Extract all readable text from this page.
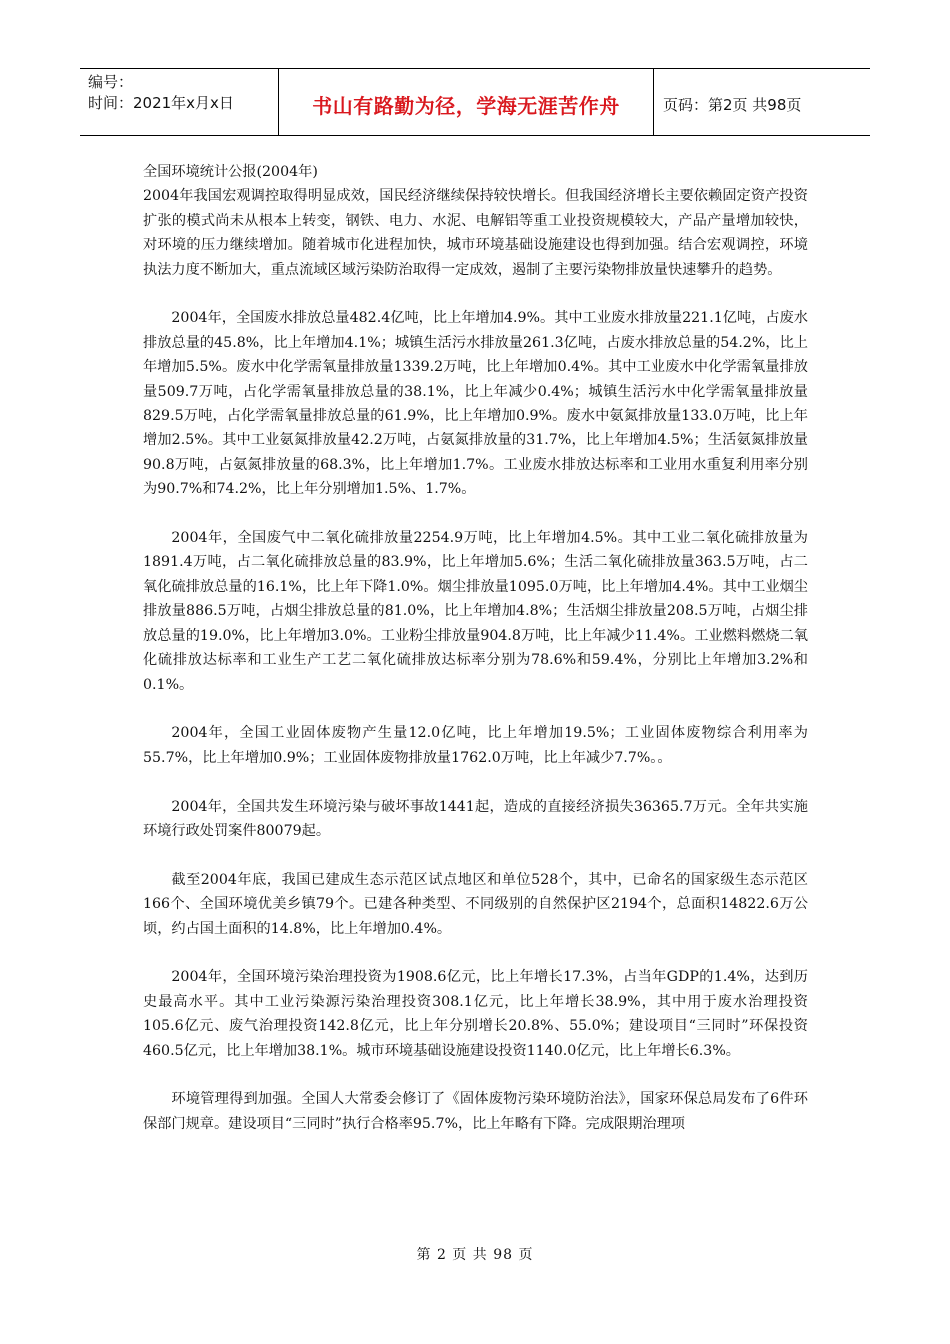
编号：
时间：2021年x月x日	书山有路勤为径，学海无涯苦作舟	页码：第2页 共98页

全国环境统计公报(2004年)

2004年我国宏观调控取得明显成效，国民经济继续保持较快增长。但我国经济增长主要依赖固定资产投资扩张的模式尚未从根本上转变，钢铁、电力、水泥、电解铝等重工业投资规模较大，产品产量增加较快，对环境的压力继续增加。随着城市化进程加快，城市环境基础设施建设也得到加强。结合宏观调控，环境执法力度不断加大，重点流域区域污染防治取得一定成效，遏制了主要污染物排放量快速攀升的趋势。

2004年，全国废水排放总量482.4亿吨，比上年增加4.9%。其中工业废水排放量221.1亿吨，占废水排放总量的45.8%，比上年增加4.1%；城镇生活污水排放量261.3亿吨，占废水排放总量的54.2%，比上年增加5.5%。废水中化学需氧量排放量1339.2万吨，比上年增加0.4%。其中工业废水中化学需氧量排放量509.7万吨，占化学需氧量排放总量的38.1%，比上年减少0.4%；城镇生活污水中化学需氧量排放量829.5万吨，占化学需氧量排放总量的61.9%，比上年增加0.9%。废水中氨氮排放量133.0万吨，比上年增加2.5%。其中工业氨氮排放量42.2万吨，占氨氮排放量的31.7%，比上年增加4.5%；生活氨氮排放量90.8万吨，占氨氮排放量的68.3%，比上年增加1.7%。工业废水排放达标率和工业用水重复利用率分别为90.7%和74.2%，比上年分别增加1.5%、1.7%。

2004年，全国废气中二氧化硫排放量2254.9万吨，比上年增加4.5%。其中工业二氧化硫排放量为1891.4万吨，占二氧化硫排放总量的83.9%，比上年增加5.6%；生活二氧化硫排放量363.5万吨，占二氧化硫排放总量的16.1%，比上年下降1.0%。烟尘排放量1095.0万吨，比上年增加4.4%。其中工业烟尘排放量886.5万吨，占烟尘排放总量的81.0%，比上年增加4.8%；生活烟尘排放量208.5万吨，占烟尘排放总量的19.0%，比上年增加3.0%。工业粉尘排放量904.8万吨，比上年减少11.4%。工业燃料燃烧二氧化硫排放达标率和工业生产工艺二氧化硫排放达标率分别为78.6%和59.4%，分别比上年增加3.2%和0.1%。

2004年，全国工业固体废物产生量12.0亿吨，比上年增加19.5%；工业固体废物综合利用率为55.7%，比上年增加0.9%；工业固体废物排放量1762.0万吨，比上年减少7.7%。。

2004年，全国共发生环境污染与破坏事故1441起，造成的直接经济损失36365.7万元。全年共实施环境行政处罚案件80079起。

截至2004年底，我国已建成生态示范区试点地区和单位528个，其中，已命名的国家级生态示范区166个、全国环境优美乡镇79个。已建各种类型、不同级别的自然保护区2194个，总面积14822.6万公顷，约占国土面积的14.8%，比上年增加0.4%。

2004年，全国环境污染治理投资为1908.6亿元，比上年增长17.3%，占当年GDP的1.4%，达到历史最高水平。其中工业污染源污染治理投资308.1亿元，比上年增长38.9%，其中用于废水治理投资105.6亿元、废气治理投资142.8亿元，比上年分别增长20.8%、55.0%；建设项目“三同时”环保投资460.5亿元，比上年增加38.1%。城市环境基础设施建设投资1140.0亿元，比上年增长6.3%。

环境管理得到加强。全国人大常委会修订了《固体废物污染环境防治法》，国家环保总局发布了6件环保部门规章。建设项目“三同时”执行合格率95.7%，比上年略有下降。完成限期治理项

第 2 页 共 98 页
